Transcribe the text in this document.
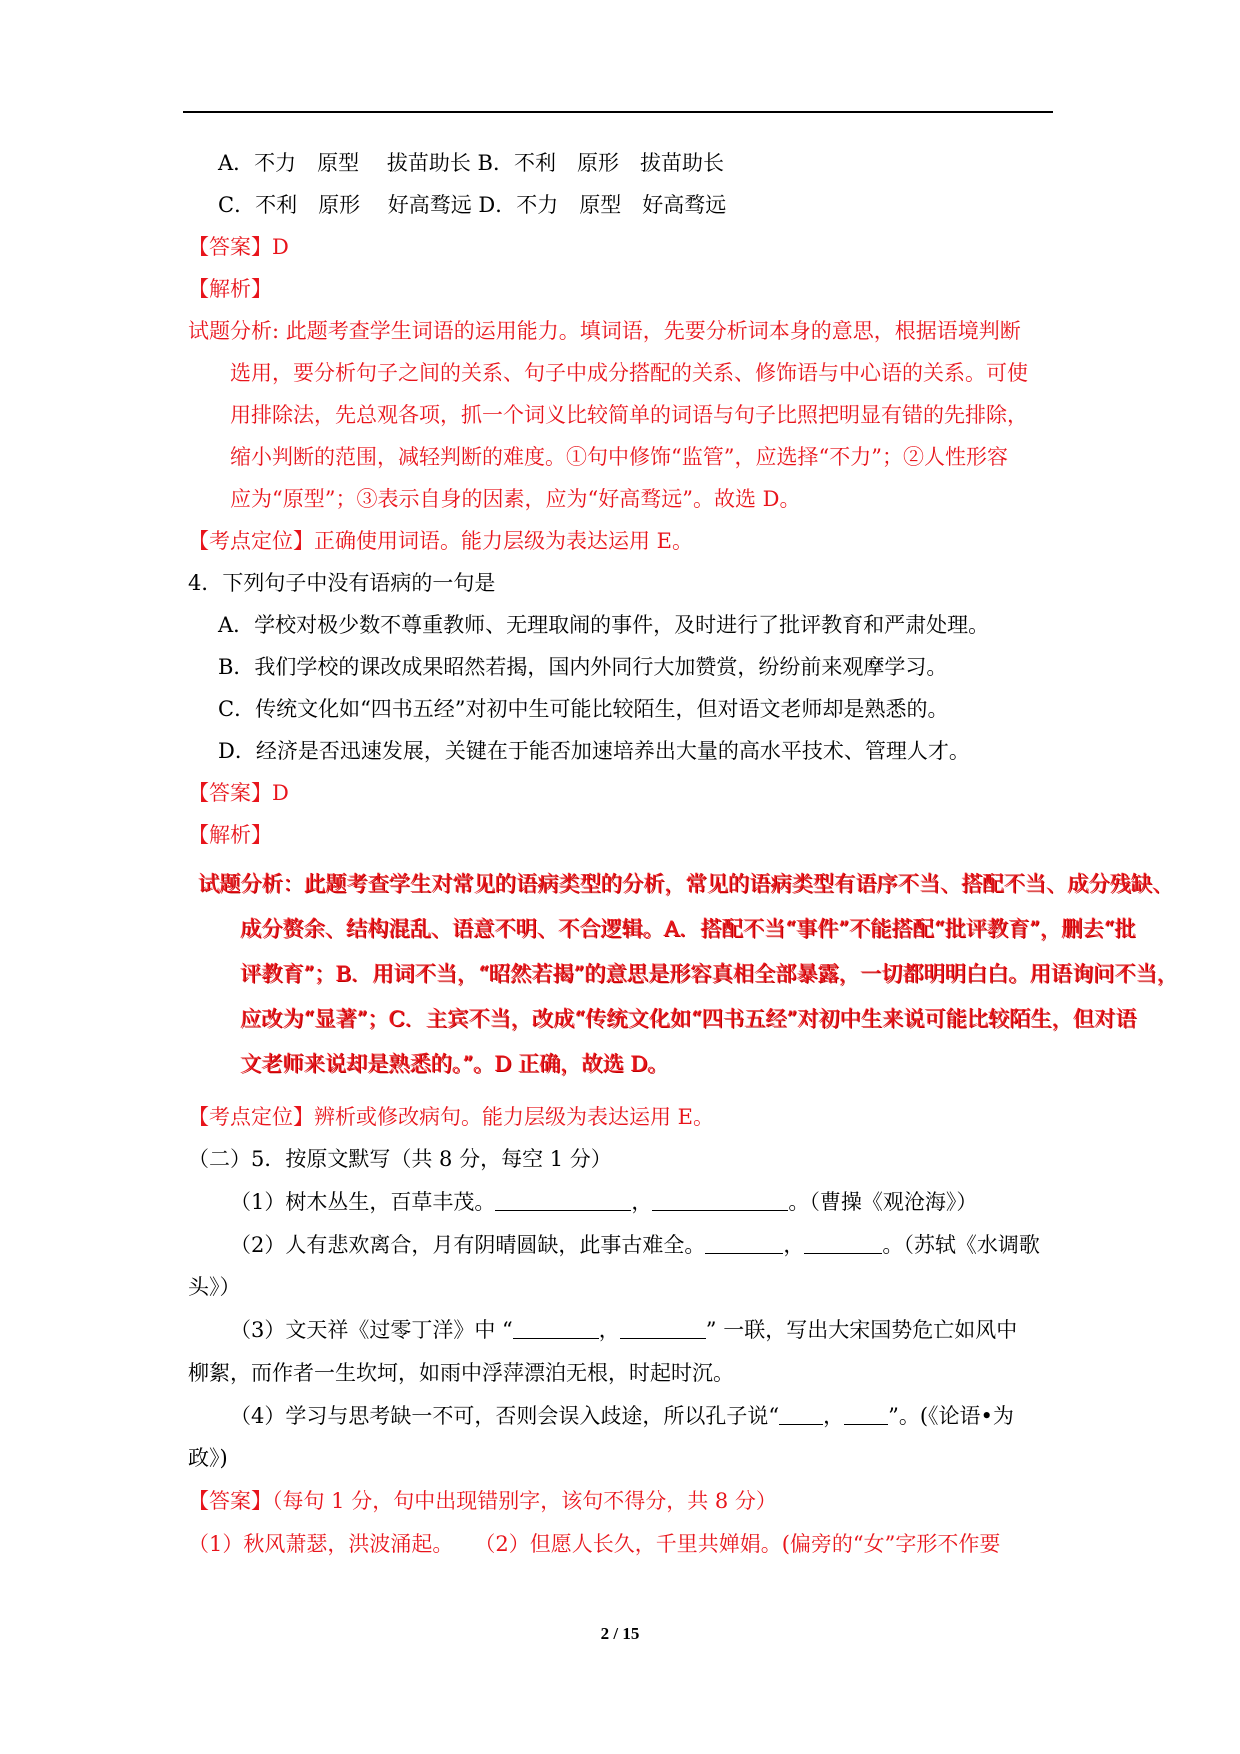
A．不力　原型　 拔苗助长 B．不利　原形　拔苗助长
C．不利　原形　 好高骛远 D．不力　原型　好高骛远
【答案】D
【解析】
试题分析: 此题考查学生词语的运用能力。填词语，先要分析词本身的意思，根据语境判断
选用，要分析句子之间的关系、句子中成分搭配的关系、修饰语与中心语的关系。可使
用排除法，先总观各项，抓一个词义比较简单的词语与句子比照把明显有错的先排除，
缩小判断的范围，减轻判断的难度。①句中修饰“监管”，应选择“不力”；②人性形容
应为“原型”；③表示自身的因素，应为“好高骛远”。故选 D。
【考点定位】正确使用词语。能力层级为表达运用 E。
4．下列句子中没有语病的一句是
A．学校对极少数不尊重教师、无理取闹的事件，及时进行了批评教育和严肃处理。
B．我们学校的课改成果昭然若揭，国内外同行大加赞赏，纷纷前来观摩学习。
C．传统文化如“四书五经”对初中生可能比较陌生，但对语文老师却是熟悉的。
D．经济是否迅速发展，关键在于能否加速培养出大量的高水平技术、管理人才。
【答案】D
【解析】
试题分析：此题考查学生对常见的语病类型的分析，常见的语病类型有语序不当、搭配不当、成分残缺、
成分赘余、结构混乱、语意不明、不合逻辑。A．搭配不当“事件”不能搭配“批评教育”，删去“批
评教育”；B．用词不当，“昭然若揭”的意思是形容真相全部暴露，一切都明明白白。用语询问不当，
应改为“显著”；C．主宾不当，改成“传统文化如“四书五经”对初中生来说可能比较陌生，但对语
文老师来说却是熟悉的。”。D 正确，故选 D。
【考点定位】辨析或修改病句。能力层级为表达运用 E。
（二）5．按原文默写（共 8 分，每空 1 分）
（1）树木丛生，百草丰茂。	，	。（曹操《观沧海》）
（2）人有悲欢离合，月有阴晴圆缺，此事古难全。	，	。（苏轼《水调歌
头》）
（3）文天祥《过零丁洋》中 “	，	” 一联，写出大宋国势危亡如风中
柳絮，而作者一生坎坷，如雨中浮萍漂泊无根，时起时沉。
（4）学习与思考缺一不可，否则会误入歧途，所以孔子说“ ， ”。(《论语•为
政》)
【答案】（每句 1 分，句中出现错别字，该句不得分，共 8 分）
（1）秋风萧瑟，洪波涌起。　　（2）但愿人长久，千里共婵娟。(偏旁的“女”字形不作要
2 / 15
